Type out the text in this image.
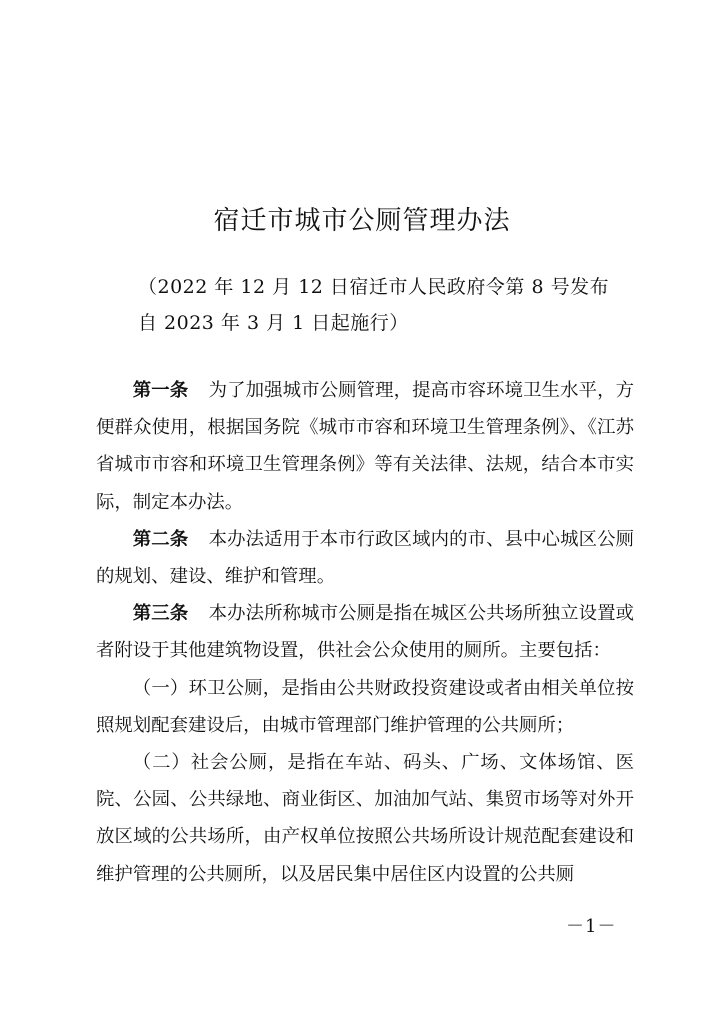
宿迁市城市公厕管理办法
（2022 年 12 月 12 日宿迁市人民政府令第 8 号发布
自 2023 年 3 月 1 日起施行）

第一条 为了加强城市公厕管理，提高市容环境卫生水平，方便群众使用，根据国务院《城市市容和环境卫生管理条例》、《江苏省城市市容和环境卫生管理条例》等有关法律、法规，结合本市实际，制定本办法。

第二条 本办法适用于本市行政区域内的市、县中心城区公厕的规划、建设、维护和管理。

第三条 本办法所称城市公厕是指在城区公共场所独立设置或者附设于其他建筑物设置，供社会公众使用的厕所。主要包括：

（一）环卫公厕，是指由公共财政投资建设或者由相关单位按照规划配套建设后，由城市管理部门维护管理的公共厕所；

（二）社会公厕，是指在车站、码头、广场、文体场馆、医院、公园、公共绿地、商业街区、加油加气站、集贸市场等对外开放区域的公共场所，由产权单位按照公共场所设计规范配套建设和维护管理的公共厕所，以及居民集中居住区内设置的公共厕

－1－
